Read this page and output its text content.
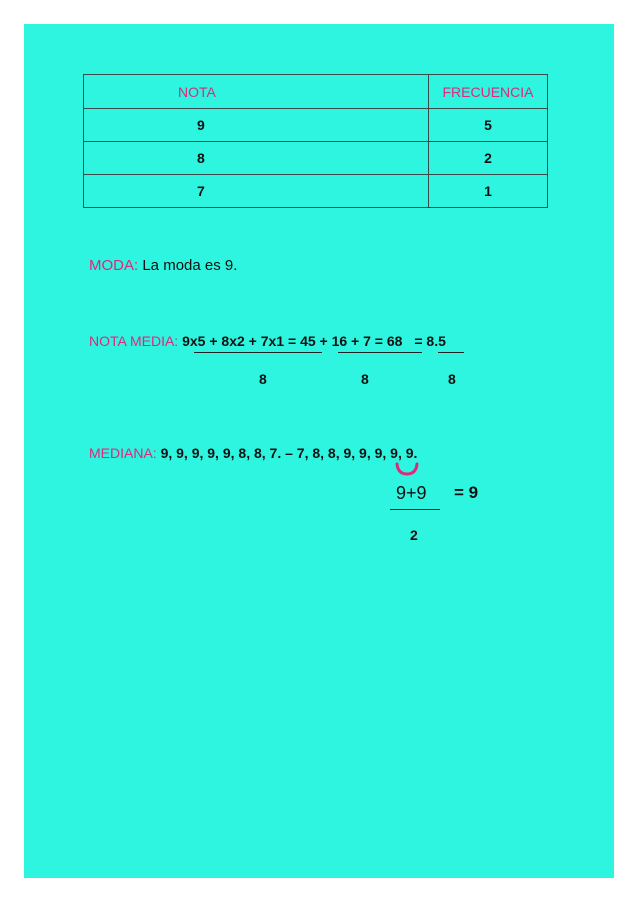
NOTA	FRECUENCIA
9	5
8	2
7	1
MODA: La moda es 9.
NOTA MEDIA: 9x5 + 8x2 + 7x1 = 45 + 16 + 7 = 68 = 8.5
8	8	8
MEDIANA: 9, 9, 9, 9, 9, 8, 8, 7. – 7, 8, 8, 9, 9, 9, 9, 9.
9+9 = 9
2
